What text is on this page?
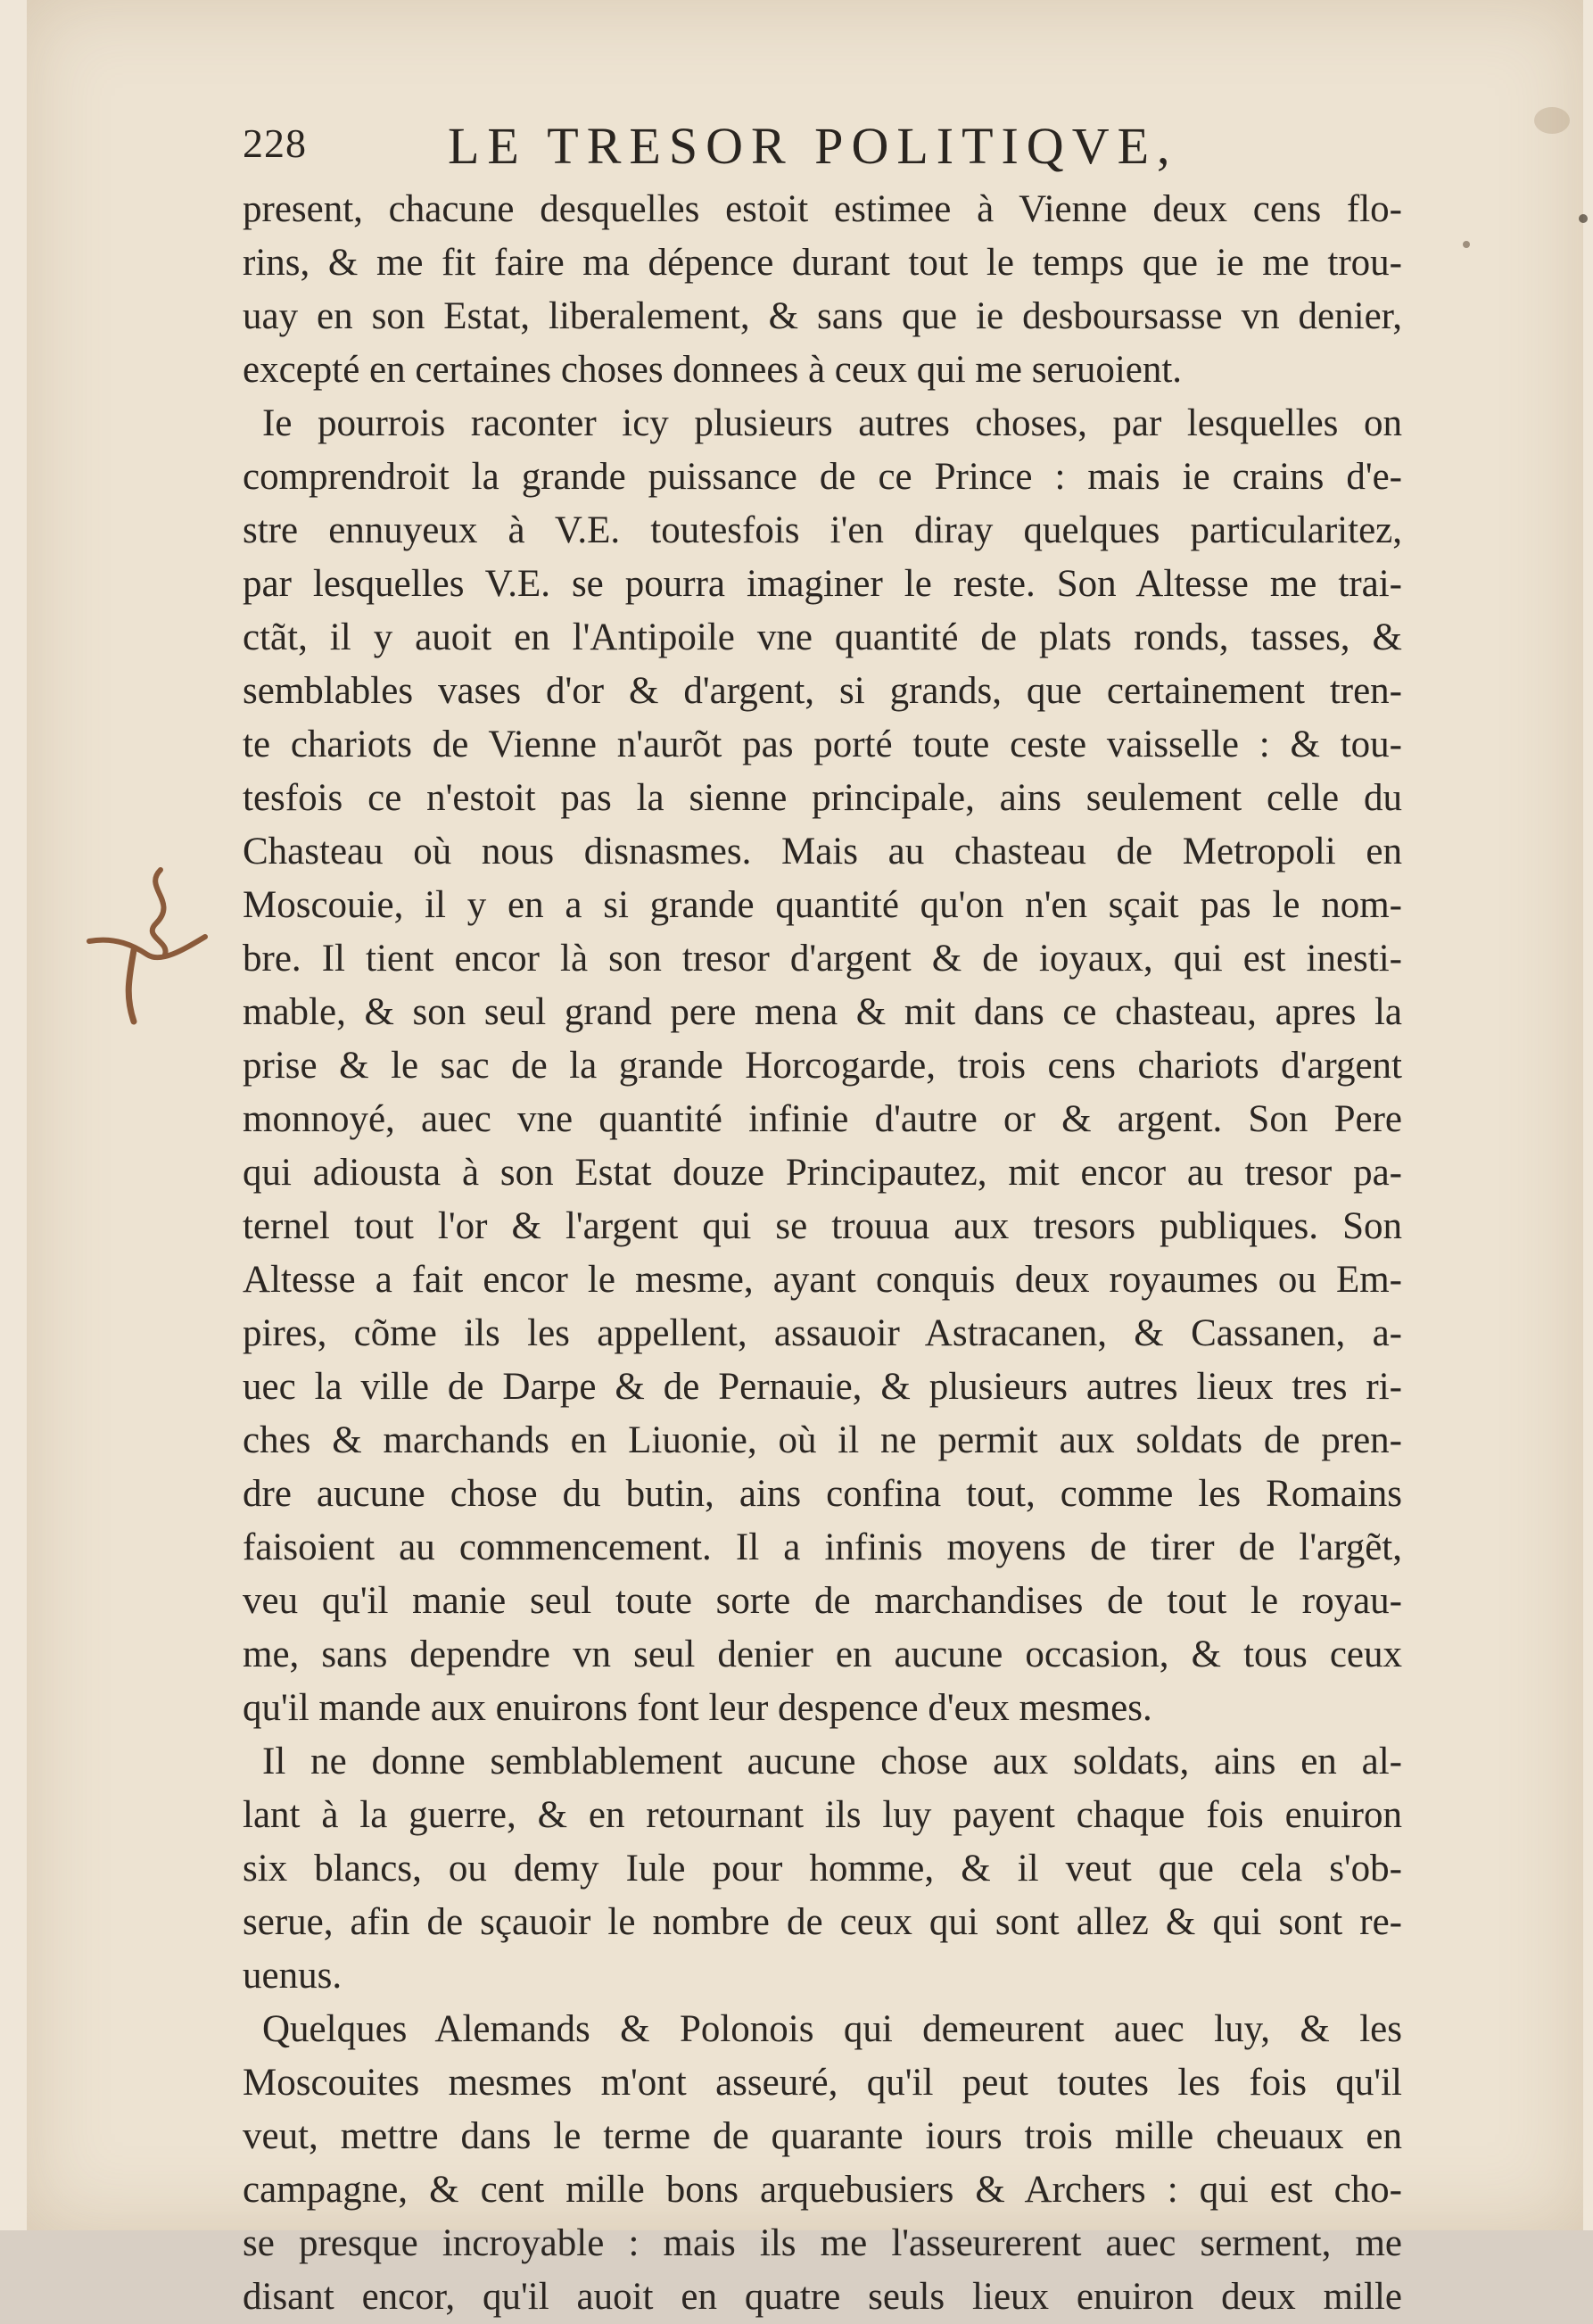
228	LE TRESOR POLITIQVE,
present, chacune desquelles estoit estimee à Vienne deux cens flo-
rins, & me fit faire ma dépence durant tout le temps que ie me trou-
uay en son Estat, liberalement, & sans que ie desboursasse vn denier,
excepté en certaines choses donnees à ceux qui me seruoient.
Ie pourrois raconter icy plusieurs autres choses, par lesquelles on
comprendroit la grande puissance de ce Prince : mais ie crains d'e-
stre ennuyeux à V.E. toutesfois i'en diray quelques particularitez,
par lesquelles V.E. se pourra imaginer le reste. Son Altesse me trai-
ctãt, il y auoit en l'Antipoile vne quantité de plats ronds, tasses, &
semblables vases d'or & d'argent, si grands, que certainement tren-
te chariots de Vienne n'aurõt pas porté toute ceste vaisselle : & tou-
tesfois ce n'estoit pas la sienne principale, ains seulement celle du
Chasteau où nous disnasmes. Mais au chasteau de Metropoli en
Moscouie, il y en a si grande quantité qu'on n'en sçait pas le nom-
bre. Il tient encor là son tresor d'argent & de ioyaux, qui est inesti-
mable, & son seul grand pere mena & mit dans ce chasteau, apres la
prise & le sac de la grande Horcogarde, trois cens chariots d'argent
monnoyé, auec vne quantité infinie d'autre or & argent. Son Pere
qui adiousta à son Estat douze Principautez, mit encor au tresor pa-
ternel tout l'or & l'argent qui se trouua aux tresors publiques. Son
Altesse a fait encor le mesme, ayant conquis deux royaumes ou Em-
pires, cõme ils les appellent, assauoir Astracanen, & Cassanen, a-
uec la ville de Darpe & de Pernauie, & plusieurs autres lieux tres ri-
ches & marchands en Liuonie, où il ne permit aux soldats de pren-
dre aucune chose du butin, ains confina tout, comme les Romains
faisoient au commencement. Il a infinis moyens de tirer de l'argẽt,
veu qu'il manie seul toute sorte de marchandises de tout le royau-
me, sans dependre vn seul denier en aucune occasion, & tous ceux
qu'il mande aux enuirons font leur despence d'eux mesmes.
Il ne donne semblablement aucune chose aux soldats, ains en al-
lant à la guerre, & en retournant ils luy payent chaque fois enuiron
six blancs, ou demy Iule pour homme, & il veut que cela s'ob-
serue, afin de sçauoir le nombre de ceux qui sont allez & qui sont re-
uenus.
Quelques Alemands & Polonois qui demeurent auec luy, & les
Moscouites mesmes m'ont asseuré, qu'il peut toutes les fois qu'il
veut, mettre dans le terme de quarante iours trois mille cheuaux en
campagne, & cent mille bons arquebusiers & Archers : qui est cho-
se presque incroyable : mais ils me l'asseurerent auec serment, me
disant encor, qu'il auoit en quatre seuls lieux enuiron deux mille
